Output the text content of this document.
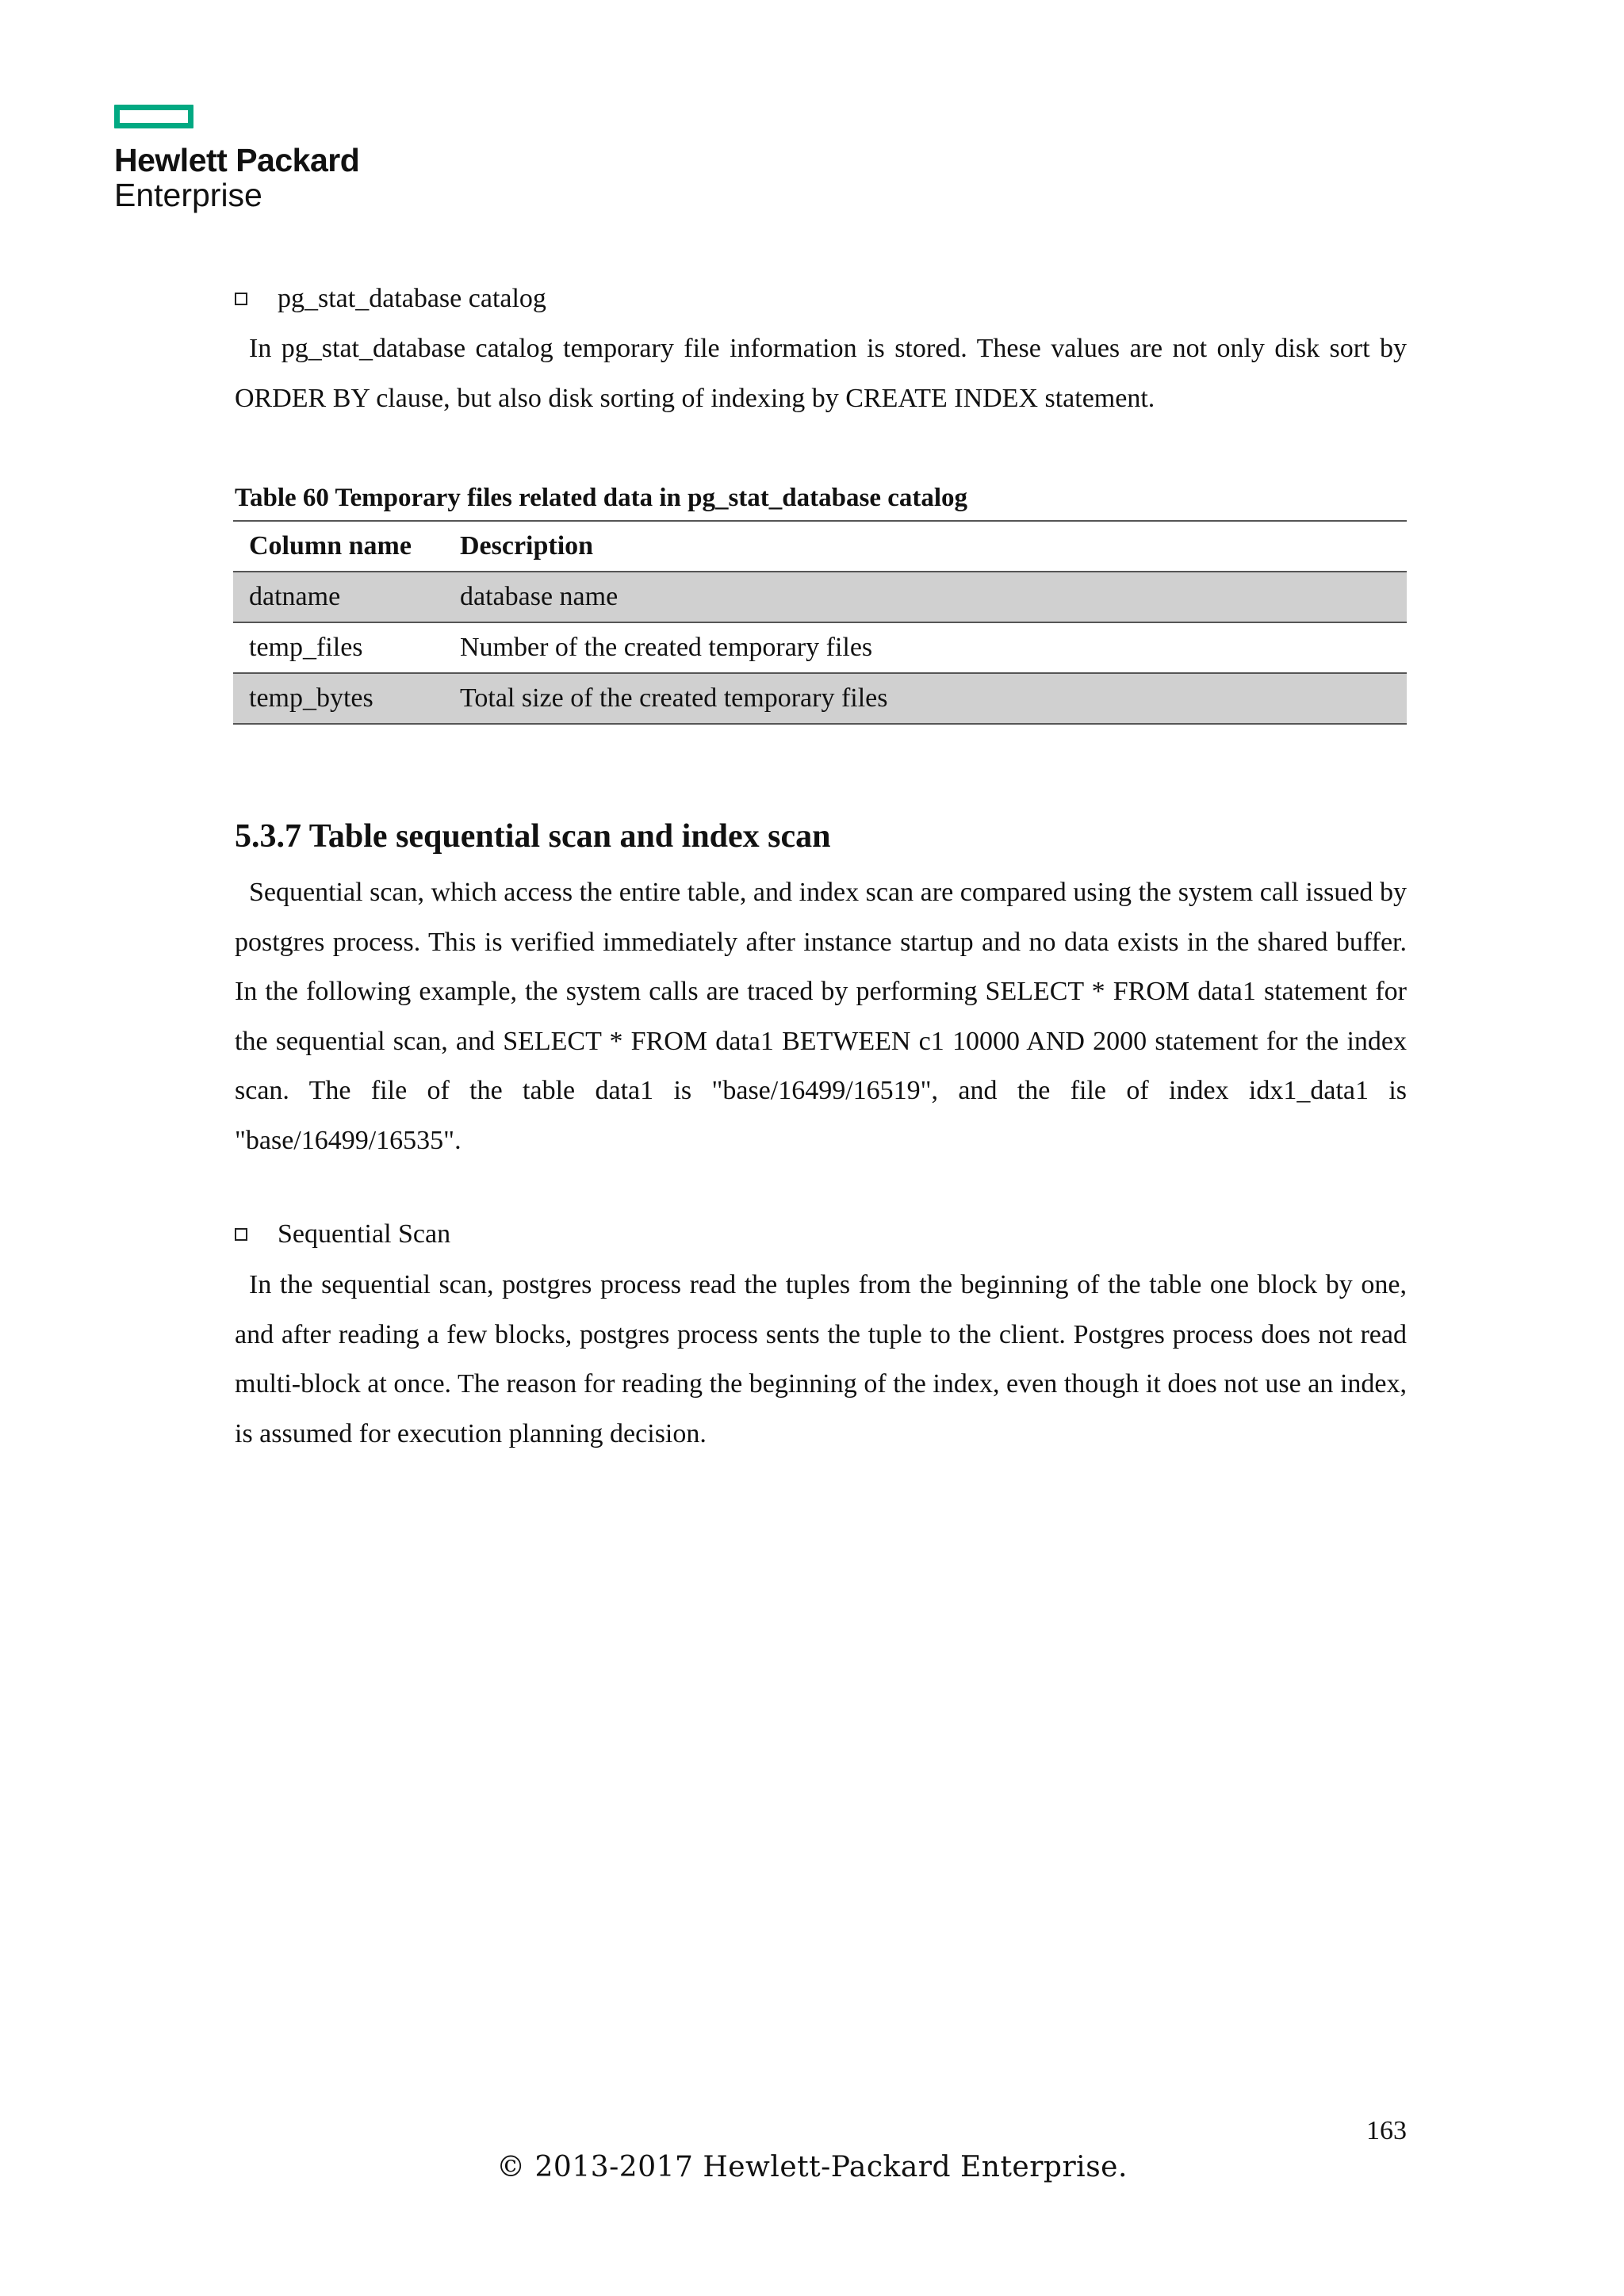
Hewlett Packard
Enterprise
pg_stat_database catalog
In pg_stat_database catalog temporary file information is stored. These values are not only disk sort by ORDER BY clause, but also disk sorting of indexing by CREATE INDEX statement.
Table 60 Temporary files related data in pg_stat_database catalog
Column name	Description
datname	database name
temp_files	Number of the created temporary files
temp_bytes	Total size of the created temporary files
5.3.7 Table sequential scan and index scan
Sequential scan, which access the entire table, and index scan are compared using the system call issued by postgres process. This is verified immediately after instance startup and no data exists in the shared buffer. In the following example, the system calls are traced by performing SELECT * FROM data1 statement for the sequential scan, and SELECT * FROM data1 BETWEEN c1 10000 AND 2000 statement for the index scan. The file of the table data1 is "base/16499/16519", and the file of index idx1_data1 is "base/16499/16535".
Sequential Scan
In the sequential scan, postgres process read the tuples from the beginning of the table one block by one, and after reading a few blocks, postgres process sents the tuple to the client. Postgres process does not read multi-block at once. The reason for reading the beginning of the index, even though it does not use an index, is assumed for execution planning decision.
163
© 2013-2017 Hewlett-Packard Enterprise.
